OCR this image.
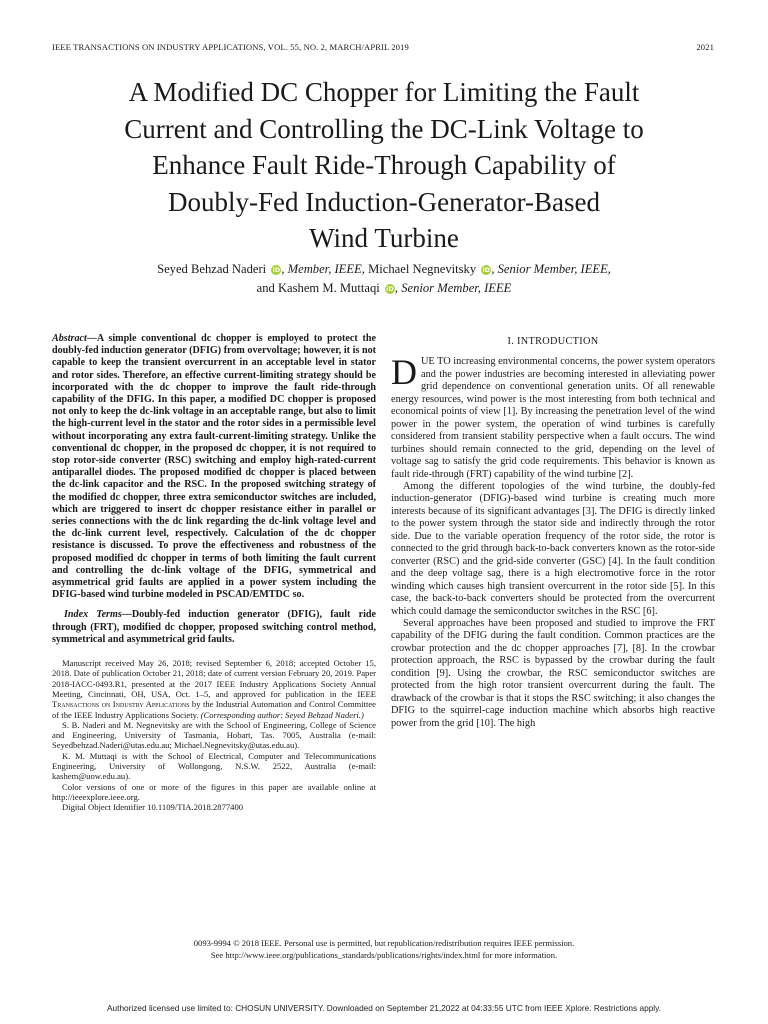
IEEE TRANSACTIONS ON INDUSTRY APPLICATIONS, VOL. 55, NO. 2, MARCH/APRIL 2019	2021
A Modified DC Chopper for Limiting the Fault
Current and Controlling the DC-Link Voltage to
Enhance Fault Ride-Through Capability of
Doubly-Fed Induction-Generator-Based
Wind Turbine
Seyed Behzad Naderi iD, Member, IEEE, Michael Negnevitsky iD, Senior Member, IEEE,
and Kashem M. Muttaqi iD, Senior Member, IEEE

Abstract—A simple conventional dc chopper is employed to protect the doubly-fed induction generator (DFIG) from overvoltage; however, it is not capable to keep the transient overcurrent in an acceptable level in stator and rotor sides. Therefore, an effective current-limiting strategy should be incorporated with the dc chopper to improve the fault ride-through capability of the DFIG. In this paper, a modified DC chopper is proposed not only to keep the dc-link voltage in an acceptable range, but also to limit the high-current level in the stator and the rotor sides in a permissible level without incorporating any extra fault-current-limiting strategy. Unlike the conventional dc chopper, in the proposed dc chopper, it is not required to stop rotor-side converter (RSC) switching and employ high-rated-current antiparallel diodes. The proposed modified dc chopper is placed between the dc-link capacitor and the RSC. In the proposed switching strategy of the modified dc chopper, three extra semiconductor switches are included, which are triggered to insert dc chopper resistance either in parallel or series connections with the dc link regarding the dc-link voltage level and the dc-link current level, respectively. Calculation of the dc chopper resistance is discussed. To prove the effectiveness and robustness of the proposed modified dc chopper in terms of both limiting the fault current and controlling the dc-link voltage of the DFIG, symmetrical and asymmetrical grid faults are applied in a power system including the DFIG-based wind turbine modeled in PSCAD/EMTDC so.

Index Terms—Doubly-fed induction generator (DFIG), fault ride through (FRT), modified dc chopper, proposed switching control method, symmetrical and asymmetrical grid faults.

Manuscript received May 26, 2018; revised September 6, 2018; accepted October 15, 2018. Date of publication October 21, 2018; date of current version February 20, 2019. Paper 2018-IACC-0493.R1, presented at the 2017 IEEE Industry Applications Society Annual Meeting, Cincinnati, OH, USA, Oct. 1–5, and approved for publication in the IEEE Transactions on Industry Applications by the Industrial Automation and Control Committee of the IEEE Industry Applications Society. (Corresponding author: Seyed Behzad Naderi.)

S. B. Naderi and M. Negnevitsky are with the School of Engineering, College of Science and Engineering, University of Tasmania, Hobart, Tas. 7005, Australia (e-mail: Seyedbehzad.Naderi@utas.edu.au; Michael.Negnevitsky@utas.edu.au).

K. M. Muttaqi is with the School of Electrical, Computer and Telecommunications Engineering, University of Wollongong, N.S.W. 2522, Australia (e-mail: kashem@uow.edu.au).

Color versions of one or more of the figures in this paper are available online at http://ieeexplore.ieee.org.

Digital Object Identifier 10.1109/TIA.2018.2877400

I. INTRODUCTION

DUE TO increasing environmental concerns, the power system operators and the power industries are becoming interested in alleviating power grid dependence on conventional generation units. Of all renewable energy resources, wind power is the most interesting from both technical and economical points of view [1]. By increasing the penetration level of the wind power in the power system, the operation of wind turbines is carefully considered from transient stability perspective when a fault occurs. The wind turbines should remain connected to the grid, depending on the level of voltage sag to satisfy the grid code requirements. This behavior is known as fault ride-through (FRT) capability of the wind turbine [2].

Among the different topologies of the wind turbine, the doubly-fed induction-generator (DFIG)-based wind turbine is creating much more interests because of its significant advantages [3]. The DFIG is directly linked to the power system through the stator side and indirectly through the rotor side. Due to the variable operation frequency of the rotor side, the rotor is connected to the grid through back-to-back converters known as the rotor-side converter (RSC) and the grid-side converter (GSC) [4]. In the fault condition and the deep voltage sag, there is a high electromotive force in the rotor winding which causes high transient overcurrent in the rotor side [5]. In this case, the back-to-back converters should be protected from the overcurrent which could damage the semiconductor switches in the RSC [6].

Several approaches have been proposed and studied to improve the FRT capability of the DFIG during the fault condition. Common practices are the crowbar protection and the dc chopper approaches [7], [8]. In the crowbar protection approach, the RSC is bypassed by the crowbar during the fault condition [9]. Using the crowbar, the RSC semiconductor switches are protected from the high rotor transient overcurrent during the fault. The drawback of the crowbar is that it stops the RSC switching; it also changes the DFIG to the squirrel-cage induction machine which absorbs high reactive power from the grid [10]. The high

0093-9994 © 2018 IEEE. Personal use is permitted, but republication/redistribution requires IEEE permission.
See http://www.ieee.org/publications_standards/publications/rights/index.html for more information.
Authorized licensed use limited to: CHOSUN UNIVERSITY. Downloaded on September 21,2022 at 04:33:55 UTC from IEEE Xplore. Restrictions apply.
